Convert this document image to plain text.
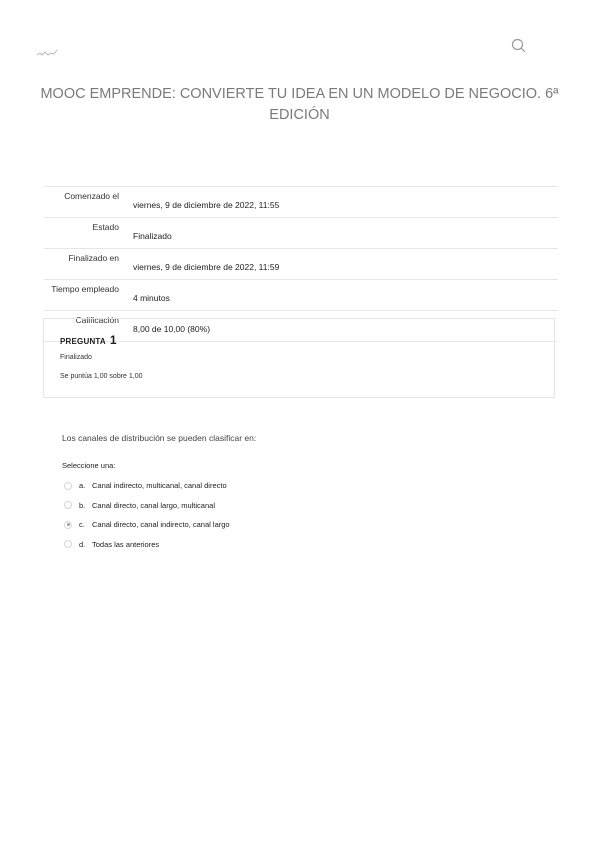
MOOC EMPRENDE: CONVIERTE TU IDEA EN UN MODELO DE NEGOCIO. 6ª EDICIÓN
Comenzado el	viernes, 9 de diciembre de 2022, 11:55
Estado	Finalizado
Finalizado en	viernes, 9 de diciembre de 2022, 11:59
Tiempo empleado	4 minutos
Calificación	8,00 de 10,00 (80%)
PREGUNTA 1
Finalizado
Se puntúa 1,00 sobre 1,00

Los canales de distribución se pueden clasificar en:

Seleccione una:
a. Canal indirecto, multicanal, canal directo
b. Canal directo, canal largo, multicanal
c. Canal directo, canal indirecto, canal largo
d. Todas las anteriores
